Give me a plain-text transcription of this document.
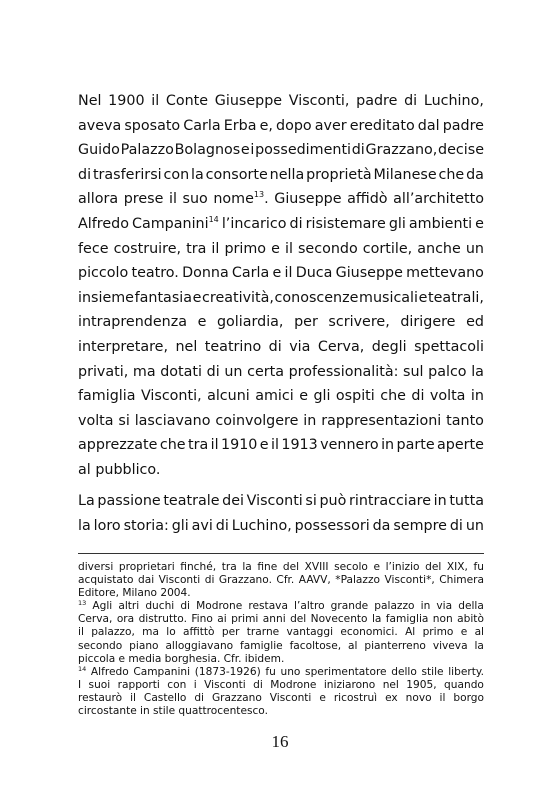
Nel 1900 il Conte Giuseppe Visconti, padre di Luchino,
aveva sposato Carla Erba e, dopo aver ereditato dal padre
Guido Palazzo Bolagnos e i possedimenti di Grazzano, decise
di trasferirsi con la consorte nella proprietà Milanese che da
allora prese il suo nome$^{13}$. Giuseppe affidò all’architetto
Alfredo Campanini$^{14}$ l’incarico di risistemare gli ambienti e
fece costruire, tra il primo e il secondo cortile, anche un
piccolo teatro. Donna Carla e il Duca Giuseppe mettevano
insieme fantasia e creatività, conoscenze musicali e teatrali,
intraprendenza e goliardia, per scrivere, dirigere ed
interpretare, nel teatrino di via Cerva, degli spettacoli
privati, ma dotati di un certa professionalità: sul palco la
famiglia Visconti, alcuni amici e gli ospiti che di volta in
volta si lasciavano coinvolgere in rappresentazioni tanto
apprezzate che tra il 1910 e il 1913 vennero in parte aperte
al pubblico.
La passione teatrale dei Visconti si può rintracciare in tutta
la loro storia: gli avi di Luchino, possessori da sempre di un
diversi proprietari finché, tra la fine del XVIII secolo e l’inizio del XIX, fu
acquistato dai Visconti di Grazzano. Cfr. AAVV, *Palazzo Visconti*, Chimera
Editore, Milano 2004.
$^{13}$ Agli altri duchi di Modrone restava l’altro grande palazzo in via della
Cerva, ora distrutto. Fino ai primi anni del Novecento la famiglia non abitò
il palazzo, ma lo affittò per trarne vantaggi economici. Al primo e al
secondo piano alloggiavano famiglie facoltose, al pianterreno viveva la
piccola e media borghesia. Cfr. ibidem.
$^{14}$ Alfredo Campanini (1873-1926) fu uno sperimentatore dello stile liberty.
I suoi rapporti con i Visconti di Modrone iniziarono nel 1905, quando
restaurò il Castello di Grazzano Visconti e ricostruì ex novo il borgo
circostante in stile quattrocentesco.
16
